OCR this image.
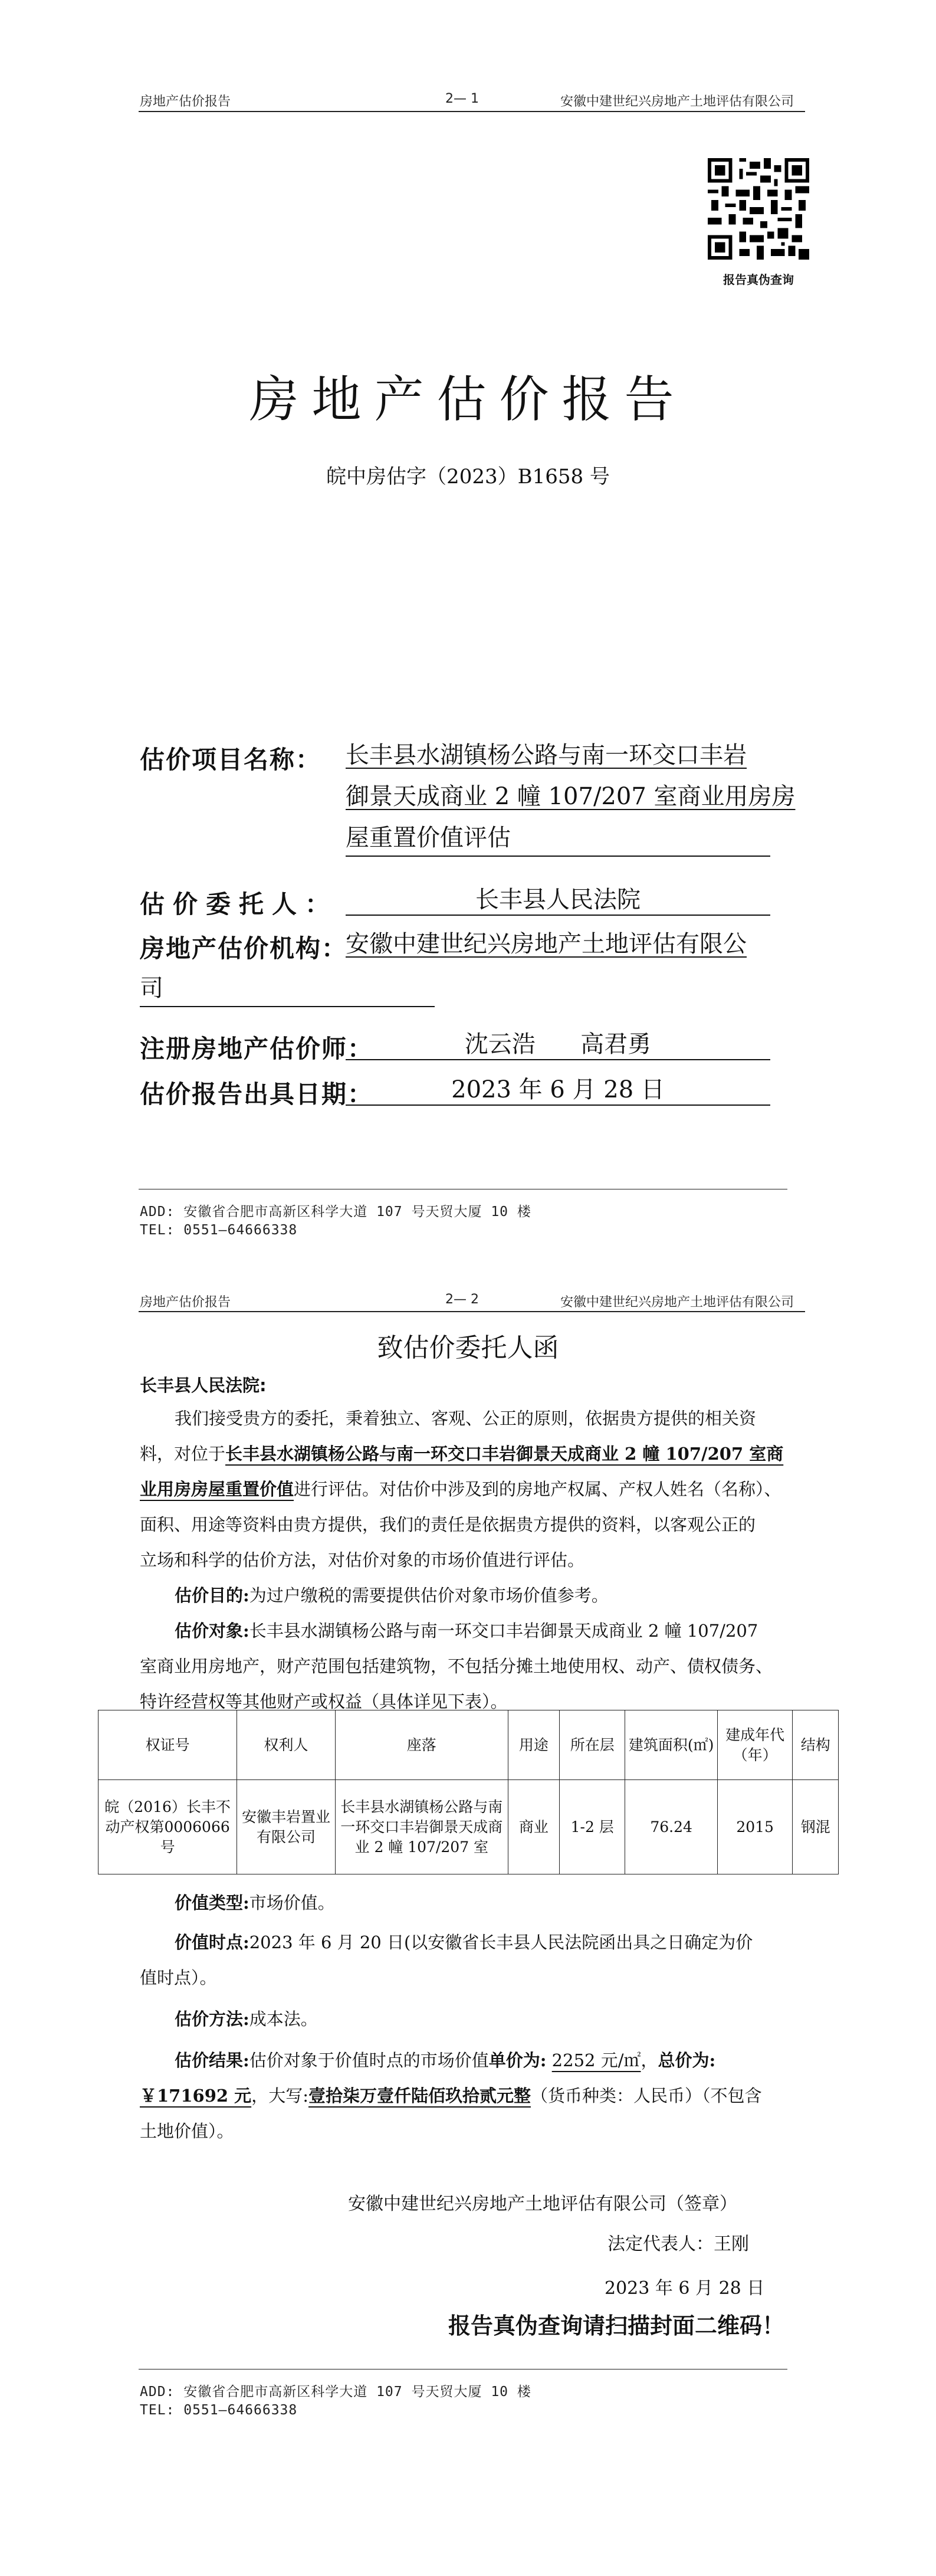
房地产估价报告	2— 1	安徽中建世纪兴房地产土地评估有限公司
报告真伪查询
房地产估价报告
皖中房估字（2023）B1658 号
估价项目名称： 长丰县水湖镇杨公路与南一环交口丰岩
御景天成商业 2 幢 107/207 室商业用房房
屋重置价值评估
估价委托人：	长丰县人民法院
房地产估价机构：
安徽中建世纪兴房地产土地评估有限公
司
注册房地产估价师：	沈云浩      高君勇
估价报告出具日期：	2023 年 6 月 28 日
ADD: 安徽省合肥市高新区科学大道 107 号天贸大厦 10 楼
TEL: 0551—64666338
房地产估价报告	2— 2	安徽中建世纪兴房地产土地评估有限公司
致估价委托人函
长丰县人民法院:
我们接受贵方的委托，秉着独立、客观、公正的原则，依据贵方提供的相关资
料，对位于长丰县水湖镇杨公路与南一环交口丰岩御景天成商业 2 幢 107/207 室商
业用房房屋重置价值进行评估。对估价中涉及到的房地产权属、产权人姓名（名称）、
面积、用途等资料由贵方提供，我们的责任是依据贵方提供的资料，以客观公正的
立场和科学的估价方法，对估价对象的市场价值进行评估。
估价目的:为过户缴税的需要提供估价对象市场价值参考。
估价对象:长丰县水湖镇杨公路与南一环交口丰岩御景天成商业 2 幢 107/207
室商业用房地产，财产范围包括建筑物，不包括分摊土地使用权、动产、债权债务、
特许经营权等其他财产或权益（具体详见下表）。
权证号	权利人	座落	用途	所在层	建筑面积(㎡)	建成年代（年）	结构
皖（2016）长丰不动产权第0006066 号	安徽丰岩置业有限公司	长丰县水湖镇杨公路与南一环交口丰岩御景天成商业 2 幢 107/207 室	商业	1-2 层	76.24	2015	钢混
价值类型:市场价值。
价值时点:2023 年 6 月 20 日(以安徽省长丰县人民法院函出具之日确定为价
值时点）。
估价方法:成本法。
估价结果:估价对象于价值时点的市场价值单价为: 2252 元/㎡，总价为:
￥171692 元，大写:壹拾柒万壹仟陆佰玖拾贰元整（货币种类：人民币）（不包含
土地价值）。
安徽中建世纪兴房地产土地评估有限公司（签章）
法定代表人：王刚
2023 年 6 月 28 日
报告真伪查询请扫描封面二维码！
ADD: 安徽省合肥市高新区科学大道 107 号天贸大厦 10 楼
TEL: 0551—64666338
